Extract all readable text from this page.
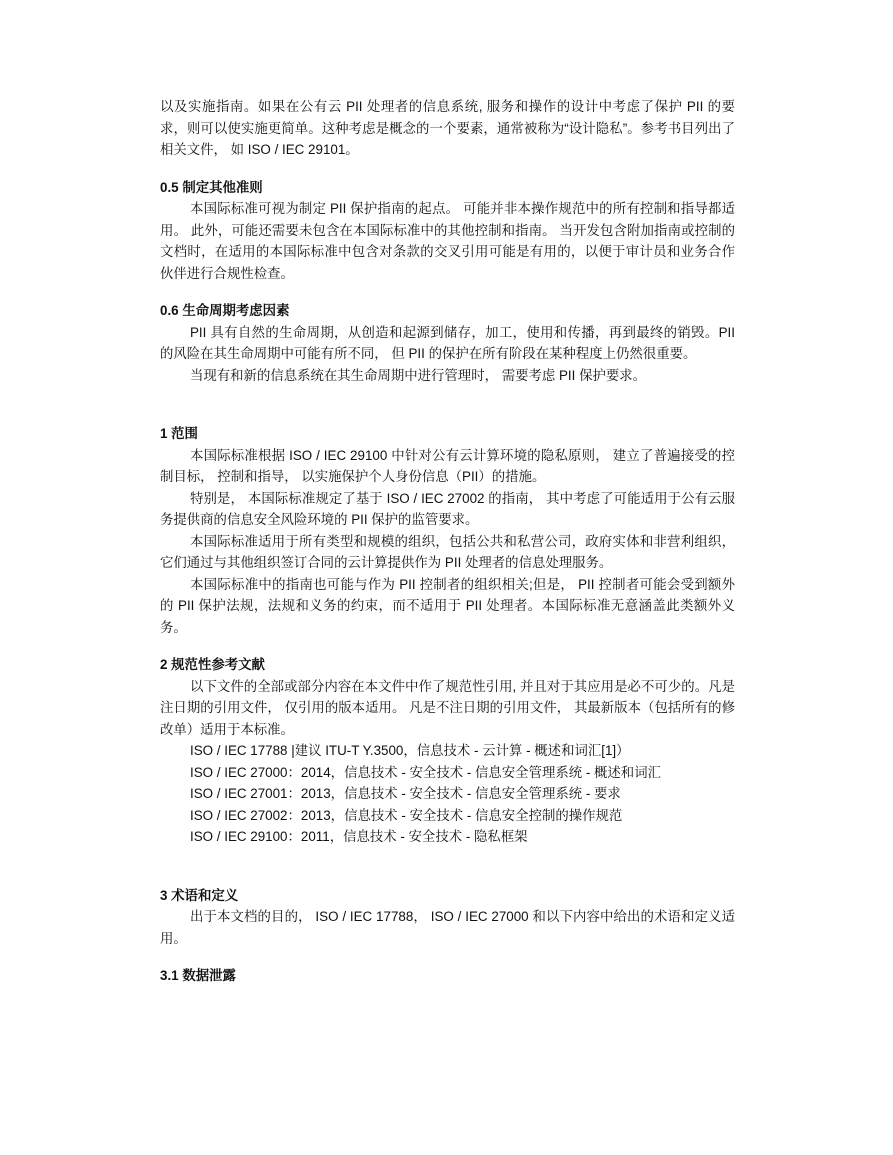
以及实施指南。如果在公有云 PII 处理者的信息系统, 服务和操作的设计中考虑了保护 PII 的要求，则可以使实施更简单。这种考虑是概念的一个要素，通常被称为“设计隐私”。参考书目列出了相关文件， 如 ISO / IEC 29101。

0.5 制定其他准则

本国际标准可视为制定 PII 保护指南的起点。 可能并非本操作规范中的所有控制和指导都适用。 此外，可能还需要未包含在本国际标准中的其他控制和指南。 当开发包含附加指南或控制的文档时，在适用的本国际标准中包含对条款的交叉引用可能是有用的，以便于审计员和业务合作伙伴进行合规性检查。

0.6 生命周期考虑因素

PII 具有自然的生命周期，从创造和起源到储存，加工，使用和传播，再到最终的销毁。PII 的风险在其生命周期中可能有所不同， 但 PII 的保护在所有阶段在某种程度上仍然很重要。

当现有和新的信息系统在其生命周期中进行管理时， 需要考虑 PII 保护要求。

1 范围

本国际标准根据 ISO / IEC 29100 中针对公有云计算环境的隐私原则， 建立了普遍接受的控制目标， 控制和指导， 以实施保护个人身份信息（PII）的措施。

特别是， 本国际标准规定了基于 ISO / IEC 27002 的指南， 其中考虑了可能适用于公有云服务提供商的信息安全风险环境的 PII 保护的监管要求。

本国际标准适用于所有类型和规模的组织，包括公共和私营公司，政府实体和非营利组织， 它们通过与其他组织签订合同的云计算提供作为 PII 处理者的信息处理服务。

本国际标准中的指南也可能与作为 PII 控制者的组织相关;但是， PII 控制者可能会受到额外的 PII 保护法规，法规和义务的约束，而不适用于 PII 处理者。本国际标准无意涵盖此类额外义务。

2 规范性参考文献

以下文件的全部或部分内容在本文件中作了规范性引用, 并且对于其应用是必不可少的。凡是注日期的引用文件， 仅引用的版本适用。 凡是不注日期的引用文件， 其最新版本（包括所有的修改单）适用于本标准。

ISO / IEC 17788 |建议 ITU-T Y.3500，信息技术 - 云计算 - 概述和词汇[1]）
ISO / IEC 27000：2014，信息技术 - 安全技术 - 信息安全管理系统 - 概述和词汇
ISO / IEC 27001：2013，信息技术 - 安全技术 - 信息安全管理系统 - 要求
ISO / IEC 27002：2013，信息技术 - 安全技术 - 信息安全控制的操作规范
ISO / IEC 29100：2011，信息技术 - 安全技术 - 隐私框架
3 术语和定义

出于本文档的目的， ISO / IEC 17788， ISO / IEC 27000 和以下内容中给出的术语和定义适用。

3.1 数据泄露
